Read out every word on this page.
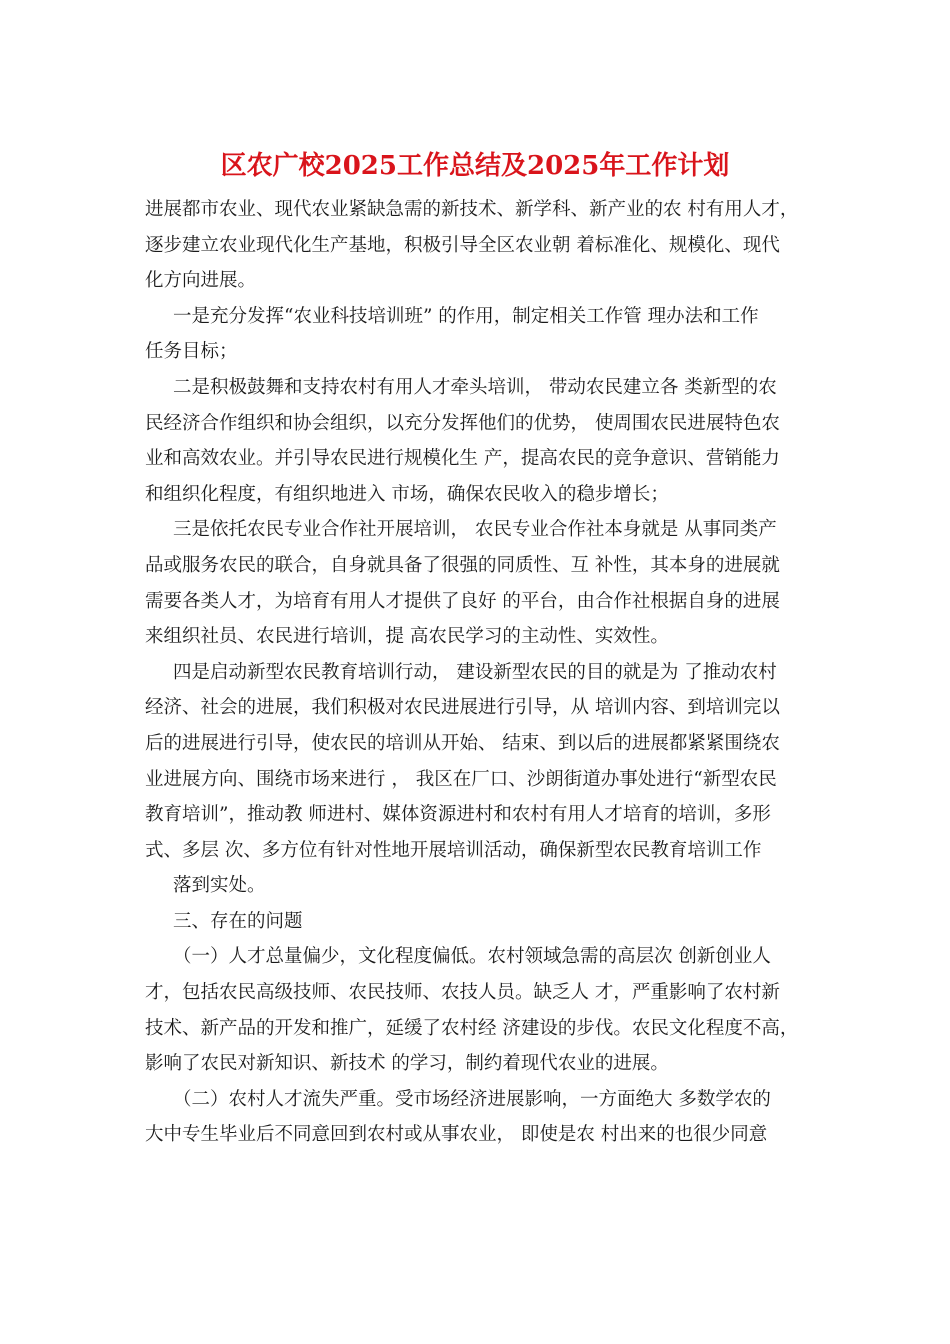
区农广校2025工作总结及2025年工作计划
进展都市农业、现代农业紧缺急需的新技术、新学科、新产业的农 村有用人才，
逐步建立农业现代化生产基地，积极引导全区农业朝 着标准化、规模化、现代
化方向进展。
一是充分发挥“农业科技培训班” 的作用，制定相关工作管 理办法和工作
任务目标；
二是积极鼓舞和支持农村有用人才牵头培训， 带动农民建立各 类新型的农
民经济合作组织和协会组织，以充分发挥他们的优势， 使周围农民进展特色农
业和高效农业。并引导农民进行规模化生 产，提高农民的竞争意识、营销能力
和组织化程度，有组织地进入 市场，确保农民收入的稳步增长；
三是依托农民专业合作社开展培训， 农民专业合作社本身就是 从事同类产
品或服务农民的联合，自身就具备了很强的同质性、互 补性，其本身的进展就
需要各类人才，为培育有用人才提供了良好 的平台，由合作社根据自身的进展
来组织社员、农民进行培训，提 高农民学习的主动性、实效性。
四是启动新型农民教育培训行动， 建设新型农民的目的就是为 了推动农村
经济、社会的进展，我们积极对农民进展进行引导，从 培训内容、到培训完以
后的进展进行引导，使农民的培训从开始、 结束、到以后的进展都紧紧围绕农
业进展方向、围绕市场来进行 ， 我区在厂口、沙朗街道办事处进行“新型农民
教育培训”，推动教 师进村、媒体资源进村和农村有用人才培育的培训，多形
式、多层 次、多方位有针对性地开展培训活动，确保新型农民教育培训工作
落到实处。
三、存在的问题
（一）人才总量偏少，文化程度偏低。农村领域急需的高层次 创新创业人
才，包括农民高级技师、农民技师、农技人员。缺乏人 才，严重影响了农村新
技术、新产品的开发和推广，延缓了农村经 济建设的步伐。农民文化程度不高，
影响了农民对新知识、新技术 的学习，制约着现代农业的进展。
（二）农村人才流失严重。受市场经济进展影响，一方面绝大 多数学农的
大中专生毕业后不同意回到农村或从事农业， 即使是农 村出来的也很少同意
